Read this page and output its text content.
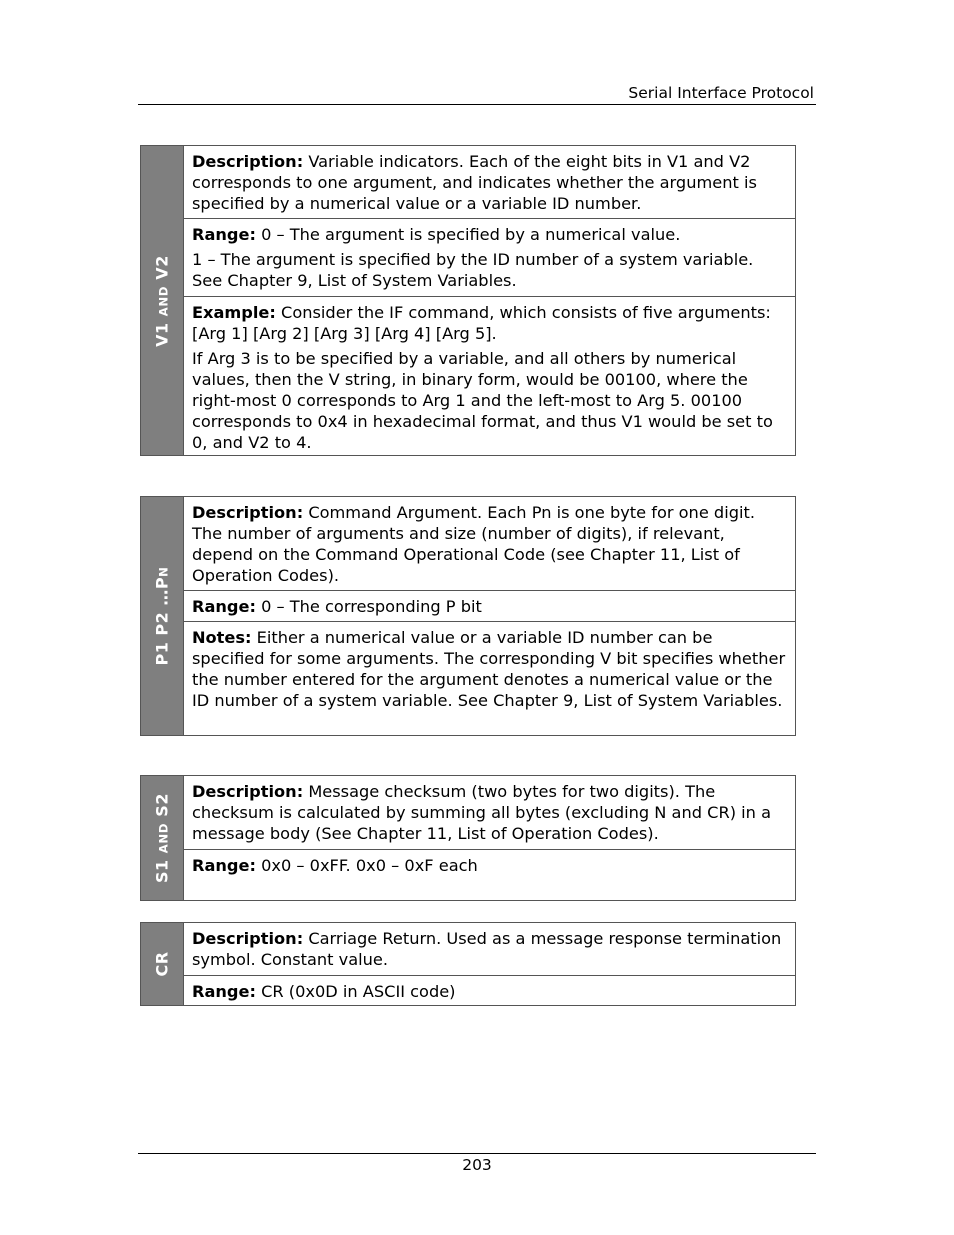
Serial Interface Protocol
V1 AND V2

Description: Variable indicators. Each of the eight bits in V1 and V2 corresponds to one argument, and indicates whether the argument is specified by a numerical value or a variable ID number.

Range: 0 – The argument is specified by a numerical value.

1 – The argument is specified by the ID number of a system variable. See Chapter 9, List of System Variables.

Example: Consider the IF command, which consists of five arguments: [Arg 1] [Arg 2] [Arg 3] [Arg 4] [Arg 5].

If Arg 3 is to be specified by a variable, and all others by numerical values, then the V string, in binary form, would be 00100, where the right-most 0 corresponds to Arg 1 and the left-most to Arg 5. 00100 corresponds to 0x4 in hexadecimal format, and thus V1 would be set to 0, and V2 to 4.

P1 P2 …PN

Description: Command Argument. Each Pn is one byte for one digit. The number of arguments and size (number of digits), if relevant, depend on the Command Operational Code (see Chapter 11, List of Operation Codes).

Range: 0 – The corresponding P bit

Notes: Either a numerical value or a variable ID number can be specified for some arguments. The corresponding V bit specifies whether the number entered for the argument denotes a numerical value or the ID number of a system variable. See Chapter 9, List of System Variables.

S1 AND S2

Description: Message checksum (two bytes for two digits). The checksum is calculated by summing all bytes (excluding N and CR) in a message body (See Chapter 11, List of Operation Codes).

Range: 0x0 – 0xFF. 0x0 – 0xF each

CR

Description: Carriage Return. Used as a message response termination symbol. Constant value.

Range: CR (0x0D in ASCII code)

203
